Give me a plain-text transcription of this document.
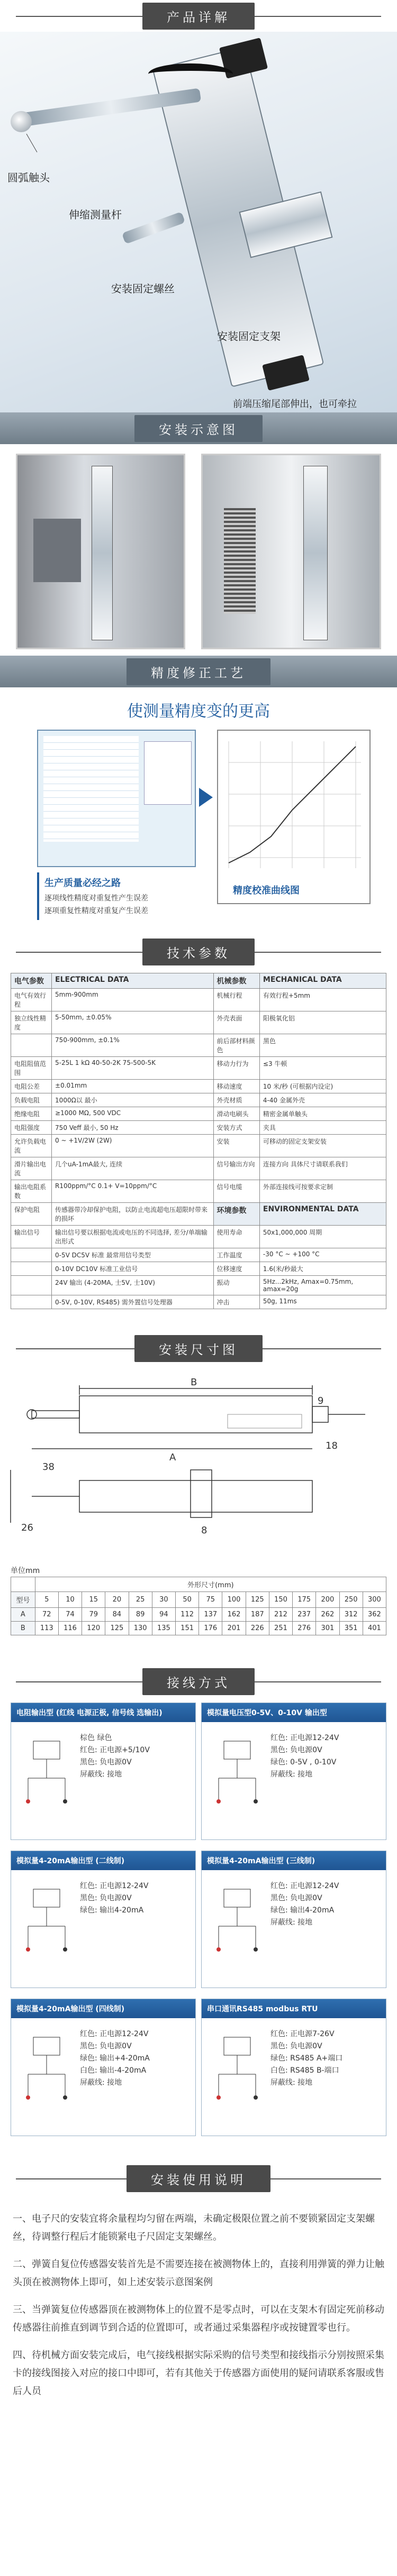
产品详解
圆弧触头
伸缩测量杆
安装固定螺丝
安装固定支架
前端压缩尾部伸出，也可牵拉
安装示意图
精度修正工艺
使测量精度变的更高
生产质量必经之路
逐项线性精度对重复性产生误差
逐项重复性精度对重复产生误差
精度校准曲线图
技术参数
电气参数	ELECTRICAL DATA	机械参数	MECHANICAL DATA
电气有效行程	5mm-900mm	机械行程	有效行程+5mm
独立线性精度	5-50mm, ±0.05%	外壳表面	阳极氧化铝
	750-900mm, ±0.1%	前后部材料颜色	黑色
电阻阻值范围	5-25L 1 kΩ 40-50-2K 75-500-5K	移动力行为	≤3 牛顿
电阻公差	±0.01mm	移动速度	10 米/秒 (可根据内设定)
负载电阻	1000Ω以 最小	外壳材质	4-40 金属外壳
绝缘电阻	≥1000 MΩ, 500 VDC	滑动电刷头	精密金属单触头
电阻强度	750 Veff 最小, 50 Hz	安装方式	夹具
允许负载电流	0 ~ +1V/2W (2W)	安装	可移动的固定支架安装
滑片输出电流	几个uA-1mA最大, 连续	信号输出方向	连接方向 具体尺寸请联系我们
输出电阻系数	R100ppm/°C 0.1+ V=10ppm/°C	信号电缆	外部连接线可按要求定制
保护电阻	传感器带冷却保护电阻，以防止电流超电压超限时带来的损坏	环境参数	ENVIRONMENTAL DATA
输出信号	输出信号要以根据电流或电压的不同选择, 差分/单端输出形式	使用寿命	50x1,000,000 周期
	0-5V DC5V 标准 最常用信号类型	工作温度	-30 °C ~ +100 °C
	0-10V DC10V 标准工业信号	位移速度	1.6(米/秒最大
	24V 输出 (4-20MA, 士5V, 士10V)	振动	5Hz...2kHz, Amax=0.75mm, amax=20g
	0-5V, 0-10V, RS485) 需外置信号处理器	冲击	50g, 11ms
安装尺寸图
B
A
38
26
18
9
8
单位mm
	外形尺寸(mm)														
型号	5	10	15	20	25	30	50	75	100	125	150	175	200	250	300
A	72	74	79	84	89	94	112	137	162	187	212	237	262	312	362
B	113	116	120	125	130	135	151	176	201	226	251	276	301	351	401
接线方式
电阻输出型 (红线 电源正极, 信号线 选输出)
棕色 绿色
红色: 正电源+5/10V
黑色: 负电源0V
屏蔽线: 接地
模拟量电压型0-5V、0-10V 输出型
红色: 正电源12-24V
黑色: 负电源0V
绿色: 0-5V , 0-10V
屏蔽线: 接地
模拟量4-20mA输出型 (二线制)
红色: 正电源12-24V
黑色: 负电源0V
绿色: 输出4-20mA
模拟量4-20mA输出型 (三线制)
红色: 正电源12-24V
黑色: 负电源0V
绿色: 输出4-20mA
屏蔽线: 接地
模拟量4-20mA输出型 (四线制)
红色: 正电源12-24V
黑色: 负电源0V
绿色: 输出+4-20mA
白色: 输出-4-20mA
屏蔽线: 接地
串口通讯RS485 modbus RTU
红色: 正电源7-26V
黑色: 负电源0V
绿色: RS485 A+端口
白色: RS485 B-端口
屏蔽线: 接地
安装使用说明

一、电子尺的安装宜将余量程均匀留在两端，未确定极限位置之前不要锁紧固定支架螺丝，待调整行程后才能锁紧电子尺固定支架螺丝。

二、弹簧自复位传感器安装首先是不需要连接在被测物体上的，直接利用弹簧的弹力让触头顶在被测物体上即可，如上述安装示意图案例

三、当弹簧复位传感器顶在被测物体上的位置不是零点时，可以在支架木有固定死前移动传感器往前推直到调节到合适的位置即可，或者通过采集器程序或按键置零也行。

四、待机械方面安装完成后，电气接线根据实际采购的信号类型和接线指示分别按照采集卡的接线图接入对应的接口中即可，若有其他关于传感器方面使用的疑问请联系客服或售后人员
